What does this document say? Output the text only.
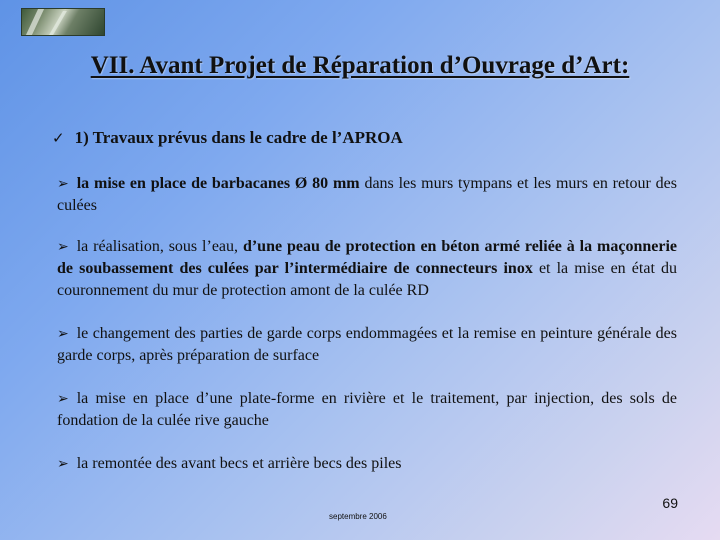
VII. Avant Projet de Réparation d’Ouvrage d’Art:
✓ 1) Travaux prévus dans le cadre de l’APROA
➢ la mise en place de barbacanes Ø 80 mm dans les murs tympans et les murs en retour des culées
➢ la réalisation, sous l’eau, d’une peau de protection en béton armé reliée à la maçonnerie de soubassement des culées par l’intermédiaire de connecteurs inox et la mise en état du couronnement du mur de protection amont de la culée RD
➢ le changement des parties de garde corps endommagées et la remise en peinture générale des garde corps, après préparation de surface
➢ la mise en place d’une plate-forme en rivière et le traitement, par injection, des sols de fondation de la culée rive gauche
➢ la remontée des avant becs et arrière becs des piles
69
septembre 2006
